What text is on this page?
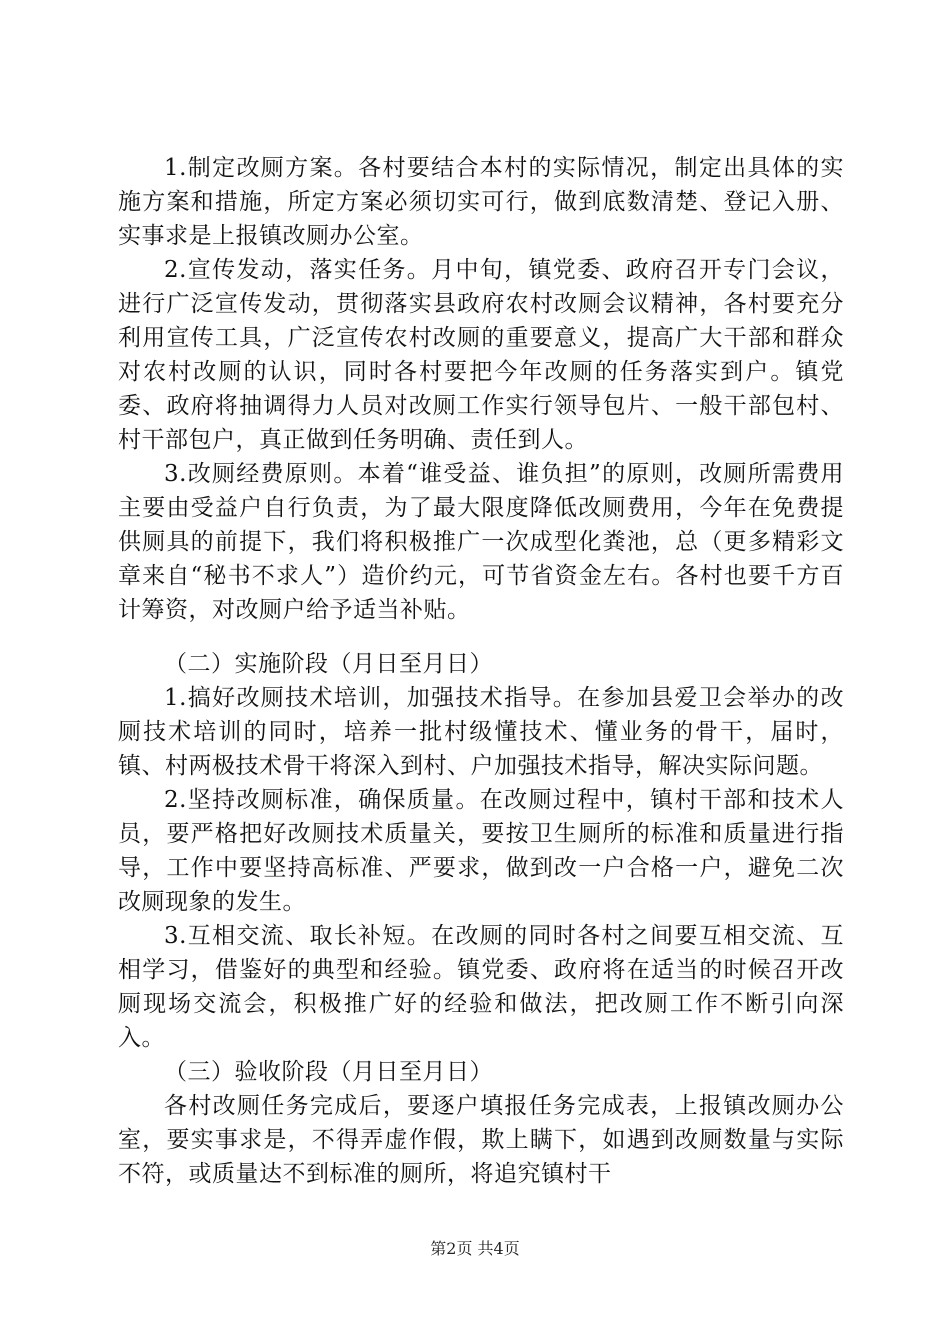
1.制定改厕方案。各村要结合本村的实际情况，制定出具体的实施方案和措施，所定方案必须切实可行，做到底数清楚、登记入册、实事求是上报镇改厕办公室。

2.宣传发动，落实任务。月中旬，镇党委、政府召开专门会议，进行广泛宣传发动，贯彻落实县政府农村改厕会议精神，各村要充分利用宣传工具，广泛宣传农村改厕的重要意义，提高广大干部和群众对农村改厕的认识，同时各村要把今年改厕的任务落实到户。镇党委、政府将抽调得力人员对改厕工作实行领导包片、一般干部包村、村干部包户，真正做到任务明确、责任到人。

3.改厕经费原则。本着“谁受益、谁负担”的原则，改厕所需费用主要由受益户自行负责，为了最大限度降低改厕费用，今年在免费提供厕具的前提下，我们将积极推广一次成型化粪池，总（更多精彩文章来自“秘书不求人”）造价约元，可节省资金左右。各村也要千方百计筹资，对改厕户给予适当补贴。

（二）实施阶段（月日至月日）

1.搞好改厕技术培训，加强技术指导。在参加县爱卫会举办的改厕技术培训的同时，培养一批村级懂技术、懂业务的骨干，届时，镇、村两极技术骨干将深入到村、户加强技术指导，解决实际问题。

2.坚持改厕标准，确保质量。在改厕过程中，镇村干部和技术人员，要严格把好改厕技术质量关，要按卫生厕所的标准和质量进行指导，工作中要坚持高标准、严要求，做到改一户合格一户，避免二次改厕现象的发生。

3.互相交流、取长补短。在改厕的同时各村之间要互相交流、互相学习，借鉴好的典型和经验。镇党委、政府将在适当的时候召开改厕现场交流会，积极推广好的经验和做法，把改厕工作不断引向深入。

（三）验收阶段（月日至月日）

各村改厕任务完成后，要逐户填报任务完成表，上报镇改厕办公室，要实事求是，不得弄虚作假，欺上瞒下，如遇到改厕数量与实际不符，或质量达不到标准的厕所，将追究镇村干

第2页 共4页
